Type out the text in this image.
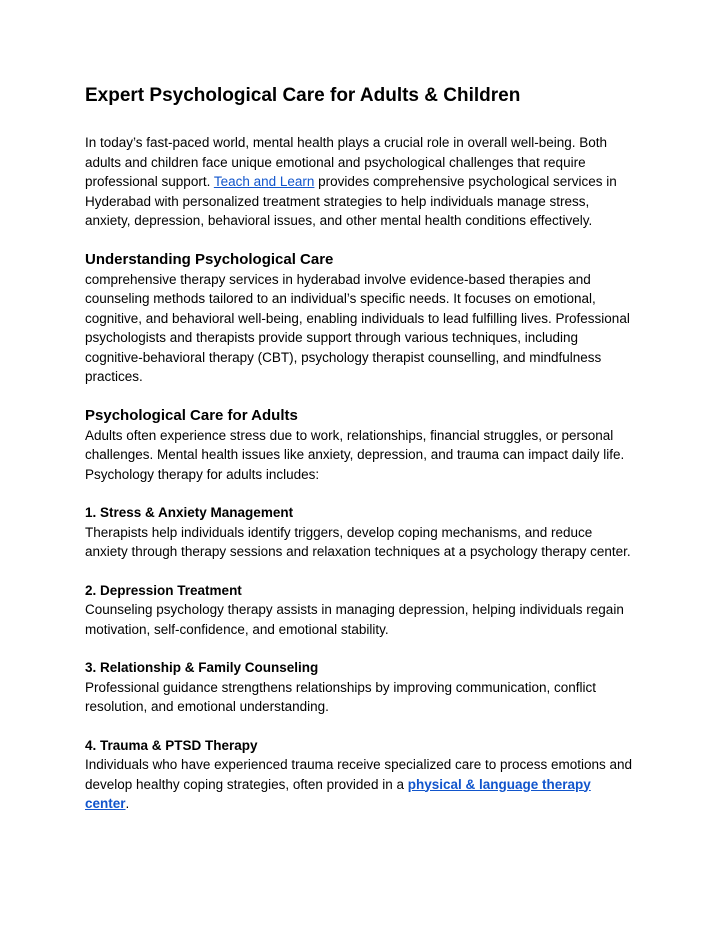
Expert Psychological Care for Adults & Children

In today’s fast-paced world, mental health plays a crucial role in overall well-being. Both adults and children face unique emotional and psychological challenges that require professional support. Teach and Learn provides comprehensive psychological services in Hyderabad with personalized treatment strategies to help individuals manage stress, anxiety, depression, behavioral issues, and other mental health conditions effectively.

Understanding Psychological Care

comprehensive therapy services in hyderabad involve evidence-based therapies and counseling methods tailored to an individual’s specific needs. It focuses on emotional, cognitive, and behavioral well-being, enabling individuals to lead fulfilling lives. Professional psychologists and therapists provide support through various techniques, including cognitive-behavioral therapy (CBT), psychology therapist counselling, and mindfulness practices.

Psychological Care for Adults

Adults often experience stress due to work, relationships, financial struggles, or personal challenges. Mental health issues like anxiety, depression, and trauma can impact daily life. Psychology therapy for adults includes:

1. Stress & Anxiety Management

Therapists help individuals identify triggers, develop coping mechanisms, and reduce anxiety through therapy sessions and relaxation techniques at a psychology therapy center.

2. Depression Treatment

Counseling psychology therapy assists in managing depression, helping individuals regain motivation, self-confidence, and emotional stability.

3. Relationship & Family Counseling

Professional guidance strengthens relationships by improving communication, conflict resolution, and emotional understanding.

4. Trauma & PTSD Therapy

Individuals who have experienced trauma receive specialized care to process emotions and develop healthy coping strategies, often provided in a physical & language therapy center.
